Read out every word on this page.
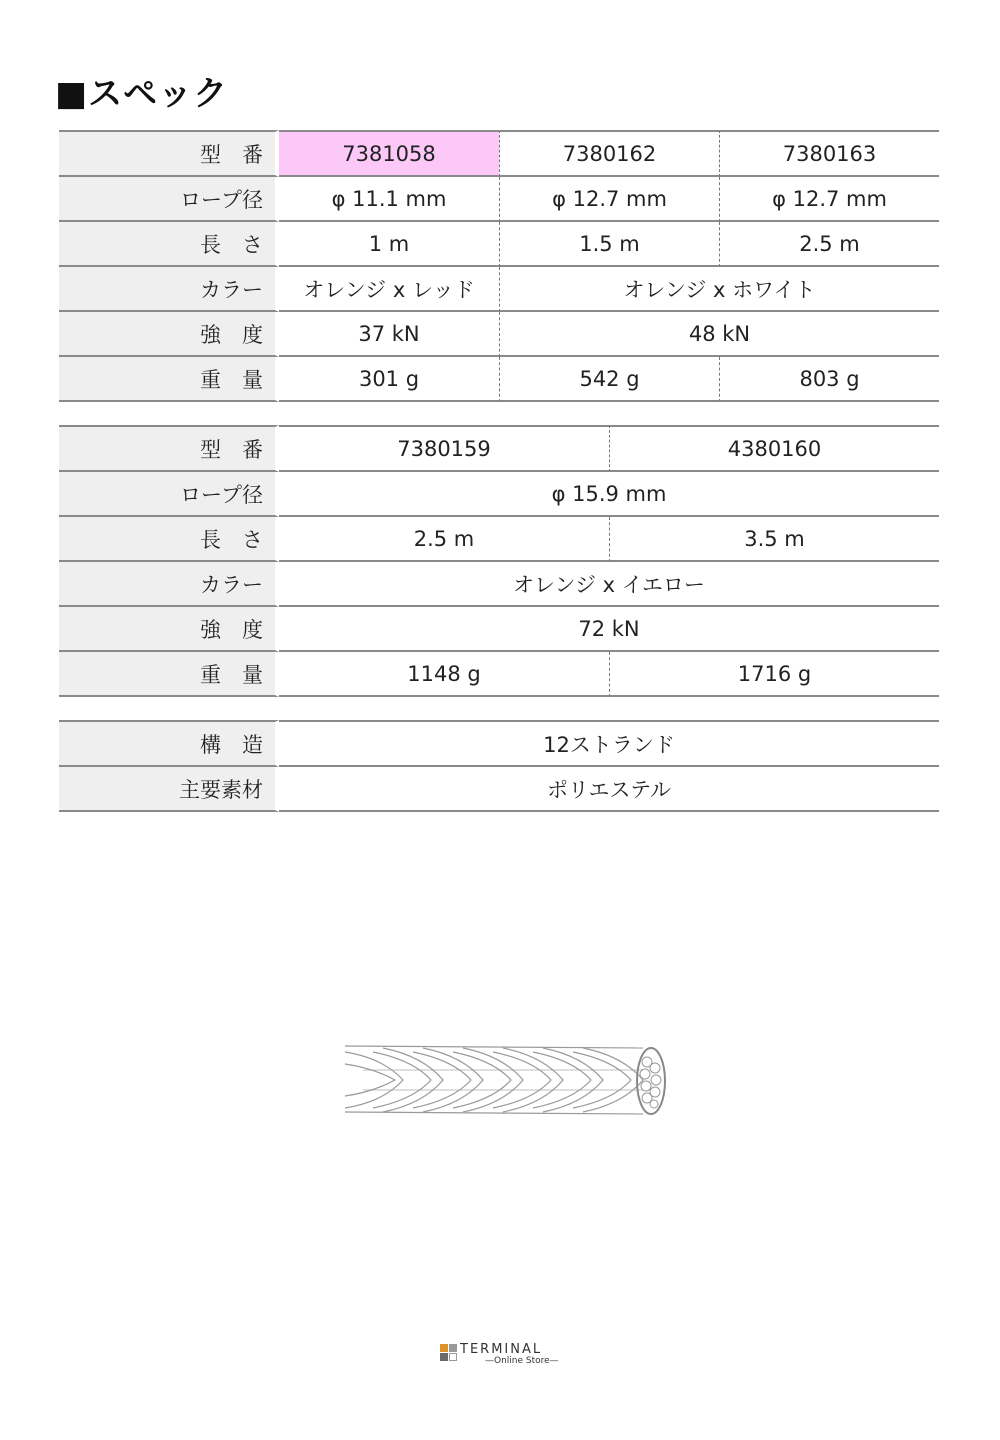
■スペック
型　番	7381058	7380162	7380163
ロープ径	φ 11.1 mm	φ 12.7 mm	φ 12.7 mm
長　さ	1 m	1.5 m	2.5 m
カラー	オレンジ x レッド	オレンジ x ホワイト	
強　度	37 kN	48 kN	
重　量	301 g	542 g	803 g
型　番	7380159	4380160
ロープ径	φ 15.9 mm	
長　さ	2.5 m	3.5 m
カラー	オレンジ x イエロー	
強　度	72 kN	
重　量	1148 g	1716 g
構　造	12ストランド
主要素材	ポリエステル
TERMINAL
—Online Store—
